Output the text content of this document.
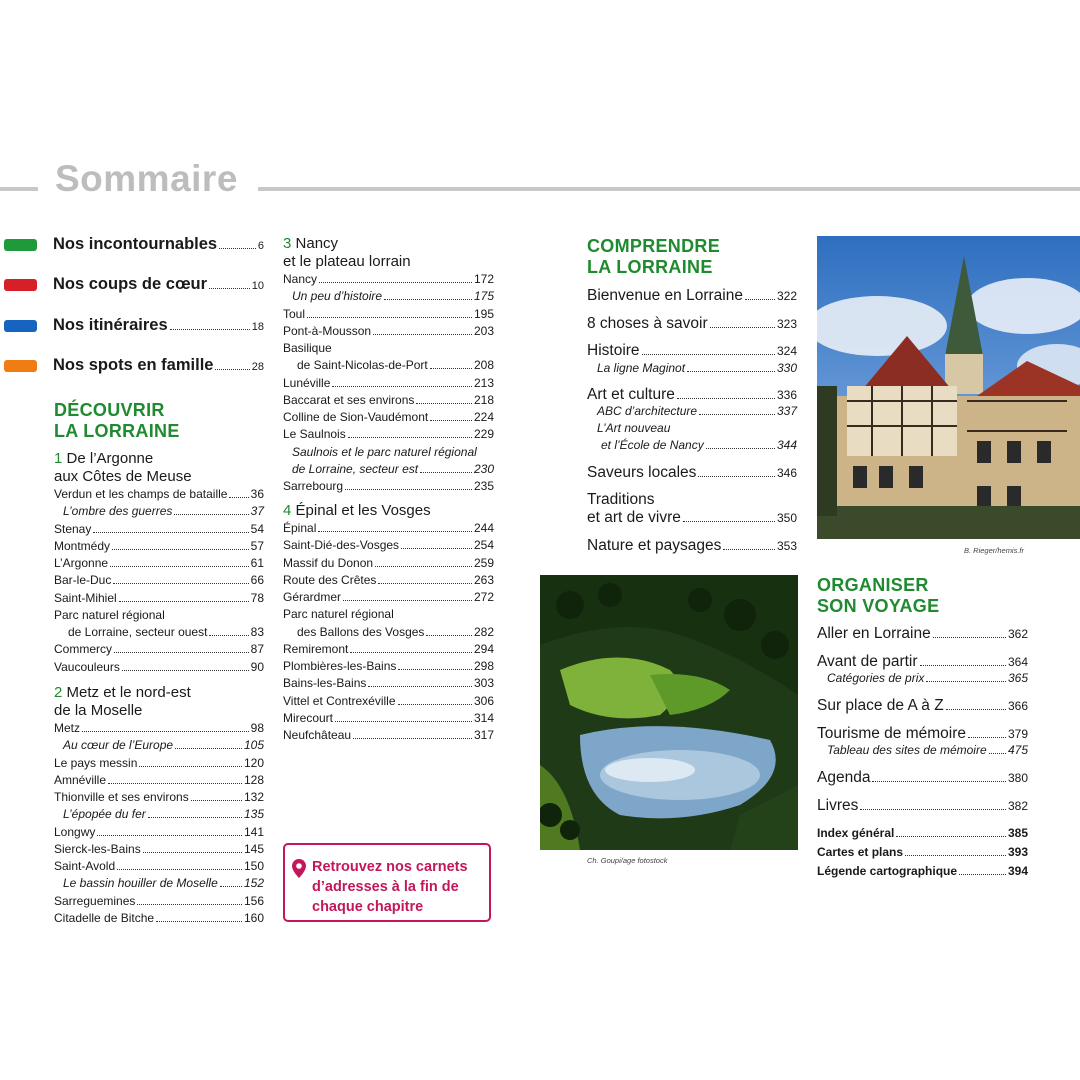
Sommaire
Nos incontournables	6
Nos coups de cœur	10
Nos itinéraires	18
Nos spots en famille	28
DÉCOUVRIR
LA LORRAINE
1 De l’Argonne
aux Côtes de Meuse
Verdun et les champs de bataille 36
L’ombre des guerres	37
Stenay	54
Montmédy	57
L’Argonne	61
Bar-le-Duc	66
Saint-Mihiel	78
Parc naturel régional
de Lorraine, secteur ouest	83
Commercy	87
Vaucouleurs	90
2 Metz et le nord-est
de la Moselle
Metz	98
Au cœur de l’Europe	105
Le pays messin	120
Amnéville	128
Thionville et ses environs	132
L’épopée du fer	135
Longwy	141
Sierck-les-Bains	145
Saint-Avold	150
Le bassin houiller de Moselle 152
Sarreguemines	156
Citadelle de Bitche	160
3 Nancy
et le plateau lorrain
Nancy	172
Un peu d’histoire	175
Toul	195
Pont-à-Mousson	203
Basilique
de Saint-Nicolas-de-Port	208
Lunéville	213
Baccarat et ses environs	218
Colline de Sion-Vaudémont	224
Le Saulnois	229
Saulnois et le parc naturel régional
de Lorraine, secteur est	230
Sarrebourg	235
4 Épinal et les Vosges
Épinal	244
Saint-Dié-des-Vosges	254
Massif du Donon	259
Route des Crêtes	263
Gérardmer	272
Parc naturel régional
des Ballons des Vosges	282
Remiremont	294
Plombières-les-Bains	298
Bains-les-Bains	303
Vittel et Contrexéville	306
Mirecourt	314
Neufchâteau	317
Retrouvez nos carnets d’adresses à la fin de chaque chapitre
COMPRENDRE
LA LORRAINE
Bienvenue en Lorraine	322
8 choses à savoir	323
Histoire	324
La ligne Maginot	330
Art et culture	336
ABC d’architecture	337
L’Art nouveau
et l’École de Nancy	344
Saveurs locales	346
Traditions
et art de vivre	350
Nature et paysages	353	B. Rieger/hemis.fr
Ch. Goupi/age fotostock
ORGANISER
SON VOYAGE
Aller en Lorraine	362
Avant de partir	364
Catégories de prix	365
Sur place de A à Z	366
Tourisme de mémoire	379
Tableau des sites de mémoire 475
Agenda	380
Livres	382
Index général	385
Cartes et plans	393
Légende cartographique	394
